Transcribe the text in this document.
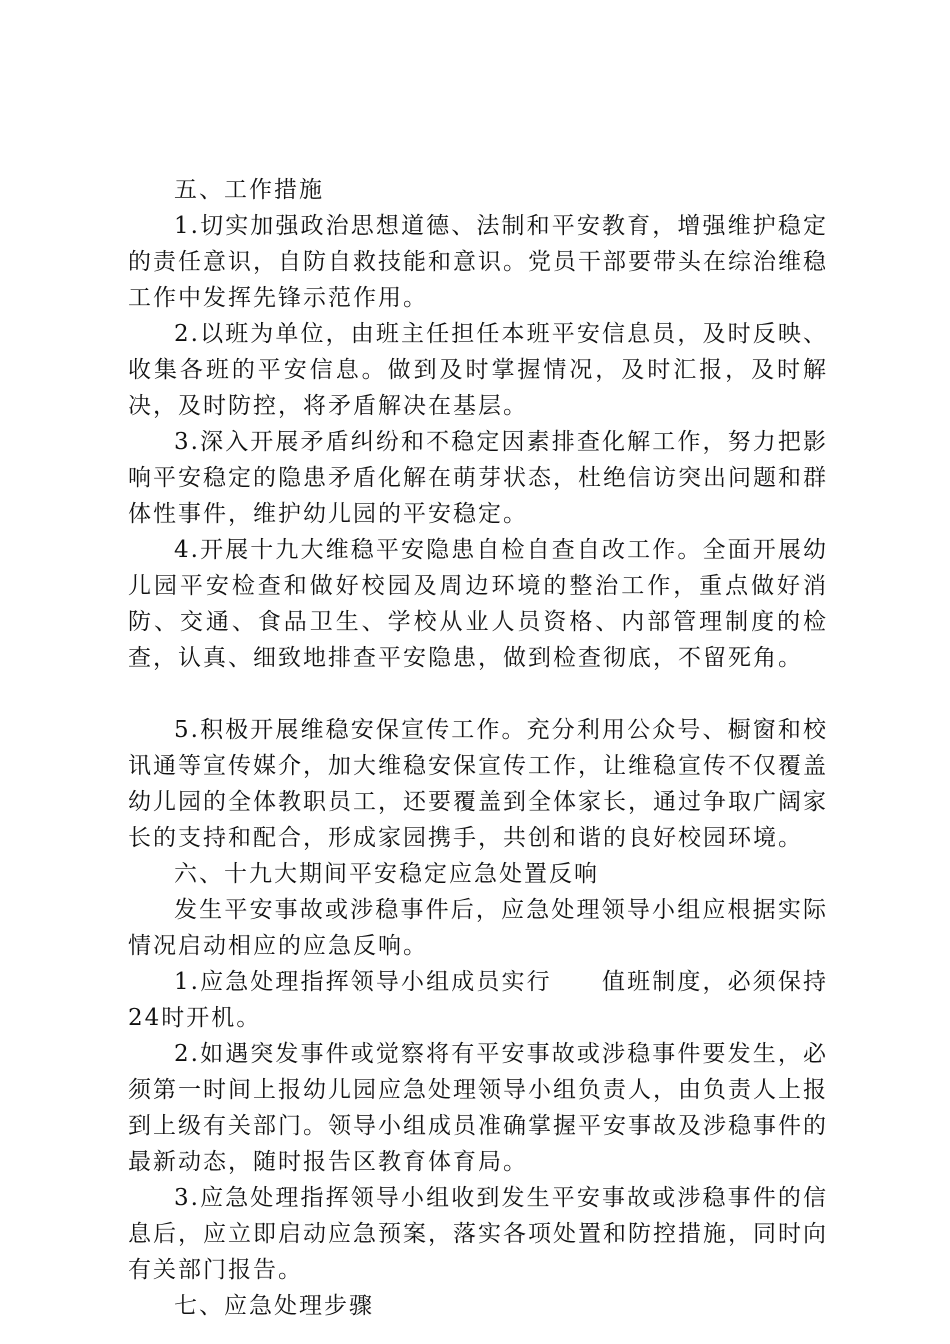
五、工作措施

1.切实加强政治思想道德、法制和平安教育，增强维护稳定的责任意识，自防自救技能和意识。党员干部要带头在综治维稳工作中发挥先锋示范作用。

2.以班为单位，由班主任担任本班平安信息员，及时反映、收集各班的平安信息。做到及时掌握情况，及时汇报，及时解决，及时防控，将矛盾解决在基层。

3.深入开展矛盾纠纷和不稳定因素排查化解工作，努力把影响平安稳定的隐患矛盾化解在萌芽状态，杜绝信访突出问题和群体性事件，维护幼儿园的平安稳定。

4.开展十九大维稳平安隐患自检自查自改工作。全面开展幼儿园平安检查和做好校园及周边环境的整治工作，重点做好消防、交通、食品卫生、学校从业人员资格、内部管理制度的检查，认真、细致地排查平安隐患，做到检查彻底，不留死角。

5.积极开展维稳安保宣传工作。充分利用公众号、橱窗和校讯通等宣传媒介，加大维稳安保宣传工作，让维稳宣传不仅覆盖幼儿园的全体教职员工，还要覆盖到全体家长，通过争取广阔家长的支持和配合，形成家园携手，共创和谐的良好校园环境。

六、十九大期间平安稳定应急处置反响

发生平安事故或涉稳事件后，应急处理领导小组应根据实际情况启动相应的应急反响。

1.应急处理指挥领导小组成员实行　　值班制度，必须保持24时开机。

2.如遇突发事件或觉察将有平安事故或涉稳事件要发生，必须第一时间上报幼儿园应急处理领导小组负责人，由负责人上报到上级有关部门。领导小组成员准确掌握平安事故及涉稳事件的最新动态，随时报告区教育体育局。

3.应急处理指挥领导小组收到发生平安事故或涉稳事件的信息后，应立即启动应急预案，落实各项处置和防控措施，同时向有关部门报告。

七、应急处理步骤
